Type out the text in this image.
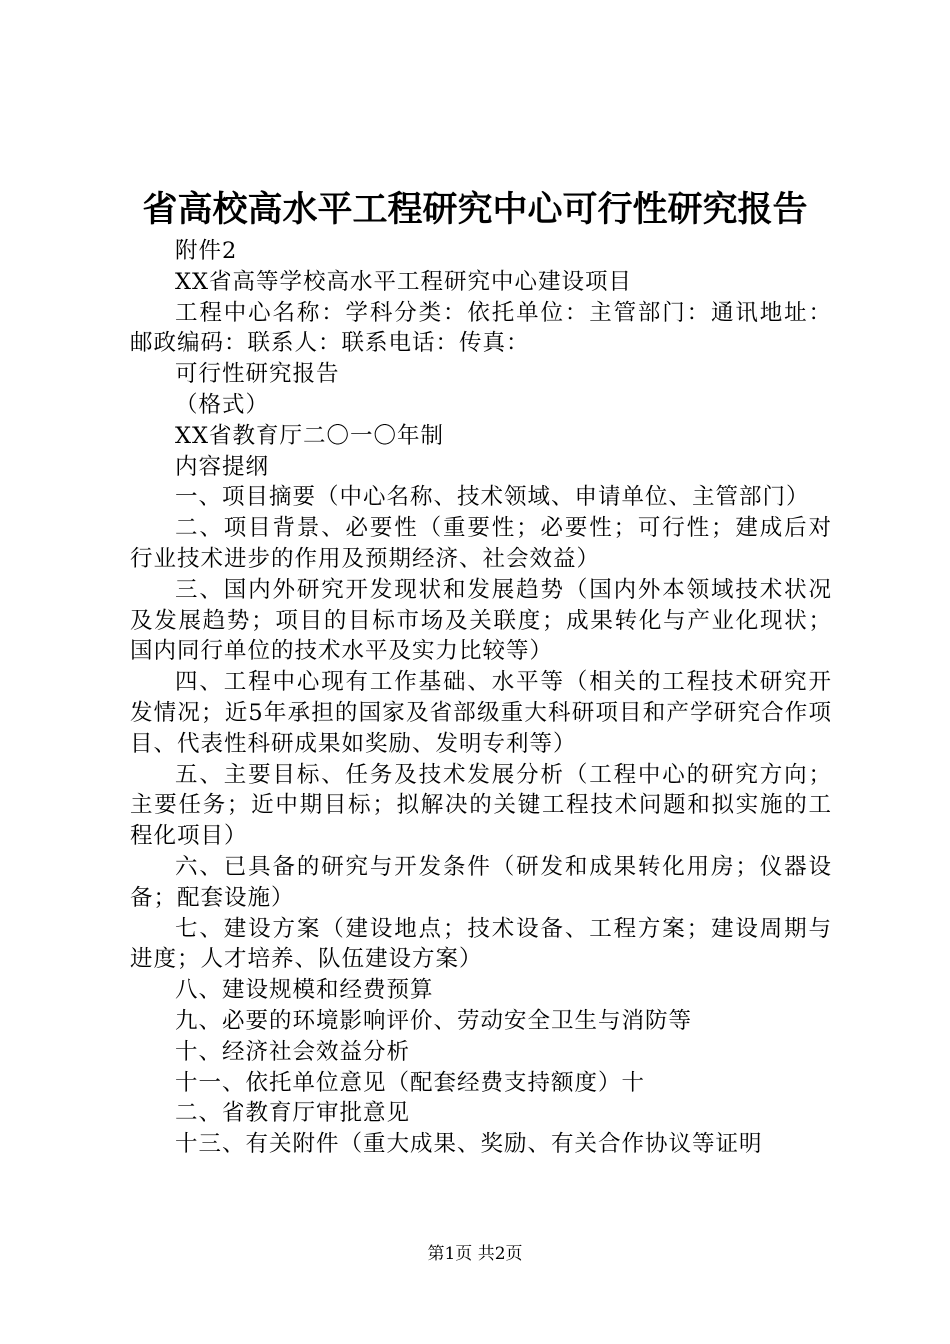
省高校高水平工程研究中心可行性研究报告

附件2

XX省高等学校高水平工程研究中心建设项目

工程中心名称：学科分类：依托单位：主管部门：通讯地址：邮政编码：联系人：联系电话：传真：

可行性研究报告

（格式）

XX省教育厅二〇一〇年制

内容提纲

一、项目摘要（中心名称、技术领域、申请单位、主管部门）

二、项目背景、必要性（重要性；必要性；可行性；建成后对行业技术进步的作用及预期经济、社会效益）

三、国内外研究开发现状和发展趋势（国内外本领域技术状况及发展趋势；项目的目标市场及关联度；成果转化与产业化现状；国内同行单位的技术水平及实力比较等）

四、工程中心现有工作基础、水平等（相关的工程技术研究开发情况；近5年承担的国家及省部级重大科研项目和产学研究合作项目、代表性科研成果如奖励、发明专利等）

五、主要目标、任务及技术发展分析（工程中心的研究方向；主要任务；近中期目标；拟解决的关键工程技术问题和拟实施的工程化项目）

六、已具备的研究与开发条件（研发和成果转化用房；仪器设备；配套设施）

七、建设方案（建设地点；技术设备、工程方案；建设周期与进度；人才培养、队伍建设方案）

八、建设规模和经费预算

九、必要的环境影响评价、劳动安全卫生与消防等

十、经济社会效益分析

十一、依托单位意见（配套经费支持额度）十

二、省教育厅审批意见

十三、有关附件（重大成果、奖励、有关合作协议等证明

第1页 共2页
